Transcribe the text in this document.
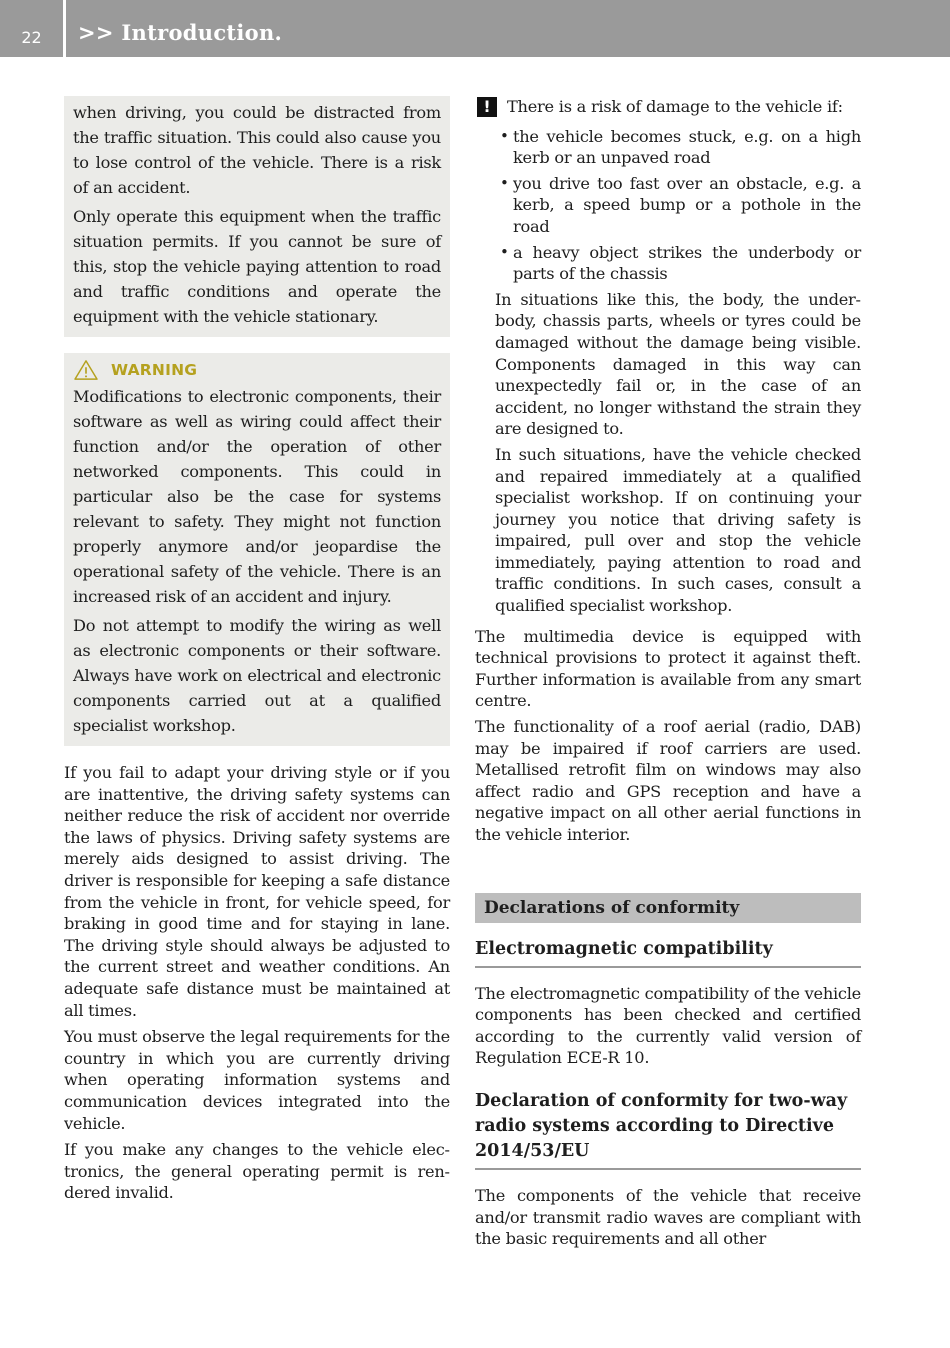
22	>> Introduction.

when driving, you could be distracted from the traffic situation. This could also cause you to lose control of the vehicle. There is a risk of an accident.

Only operate this equipment when the traffic situation permits. If you cannot be sure of this, stop the vehicle paying attention to road and traffic conditions and operate the equipment with the vehicle stationary.

WARNING

Modifications to electronic components, their software as well as wiring could affect their function and/or the operation of other networked components. This could in particular also be the case for systems relevant to safety. They might not function properly anymore and/or jeopardise the operational safety of the vehicle. There is an increased risk of an accident and injury.

Do not attempt to modify the wiring as well as electronic components or their software. Always have work on electrical and electronic components carried out at a qualified specialist workshop.

If you fail to adapt your driving style or if you are inattentive, the driving safety systems can neither reduce the risk of accident nor override the laws of physics. Driving safety systems are merely aids designed to assist driving. The driver is responsible for keeping a safe distance from the vehicle in front, for vehicle speed, for braking in good time and for staying in lane. The driving style should always be adjusted to the current street and weather conditions. An adequate safe distance must be maintained at all times.

You must observe the legal requirements for the country in which you are currently driving when operating information systems and communication devices integrated into the vehicle.

If you make any changes to the vehicle electronics, the general operating permit is rendered invalid.

!	There is a risk of damage to the vehicle if:

• the vehicle becomes stuck, e.g. on a high kerb or an unpaved road
• you drive too fast over an obstacle, e.g. a kerb, a speed bump or a pothole in the road
• a heavy object strikes the underbody or parts of the chassis

In situations like this, the body, the underbody, chassis parts, wheels or tyres could be damaged without the damage being visible. Components damaged in this way can unexpectedly fail or, in the case of an accident, no longer withstand the strain they are designed to.

In such situations, have the vehicle checked and repaired immediately at a qualified specialist workshop. If on continuing your journey you notice that driving safety is impaired, pull over and stop the vehicle immediately, paying attention to road and traffic conditions. In such cases, consult a qualified specialist workshop.

The multimedia device is equipped with technical provisions to protect it against theft. Further information is available from any smart centre.

The functionality of a roof aerial (radio, DAB) may be impaired if roof carriers are used. Metallised retrofit film on windows may also affect radio and GPS reception and have a negative impact on all other aerial functions in the vehicle interior.

Declarations of conformity
Electromagnetic compatibility

The electromagnetic compatibility of the vehicle components has been checked and certified according to the currently valid version of Regulation ECE-R 10.

Declaration of conformity for two-way radio systems according to Directive 2014/53/EU

The components of the vehicle that receive and/or transmit radio waves are compliant with the basic requirements and all other
